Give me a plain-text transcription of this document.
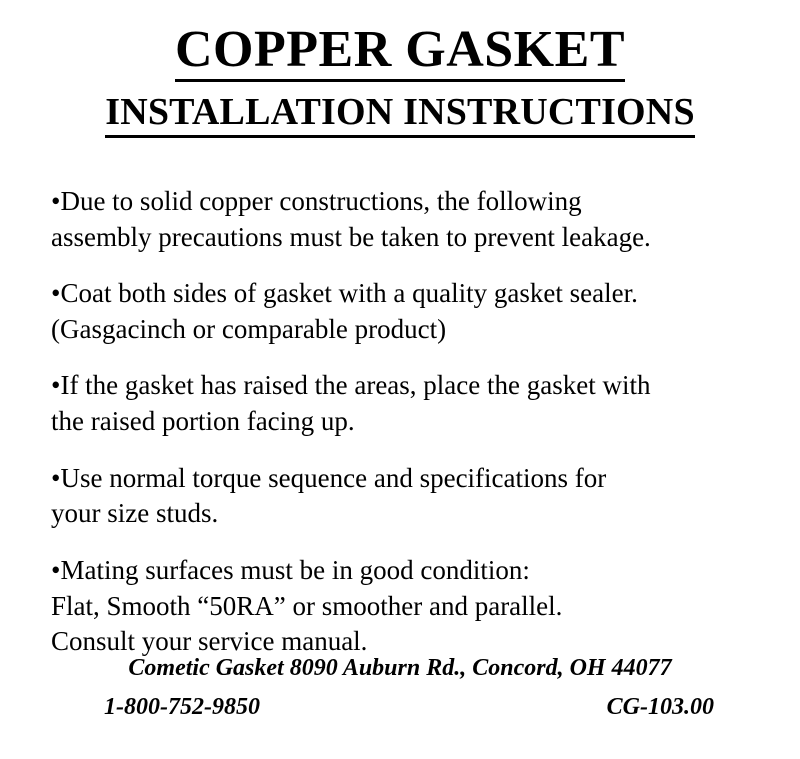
COPPER GASKET
INSTALLATION INSTRUCTIONS
•Due to solid copper constructions, the following
assembly precautions must be taken to prevent leakage.
•Coat both sides of gasket with a quality gasket sealer.
(Gasgacinch or comparable product)
•If the gasket has raised the areas, place the gasket with
the raised portion facing up.
•Use normal torque sequence and specifications for
your size studs.
•Mating surfaces must be in good condition:
Flat, Smooth “50RA” or smoother and parallel.
Consult your service manual.
Cometic Gasket 8090 Auburn Rd., Concord, OH 44077
1-800-752-9850	CG-103.00
